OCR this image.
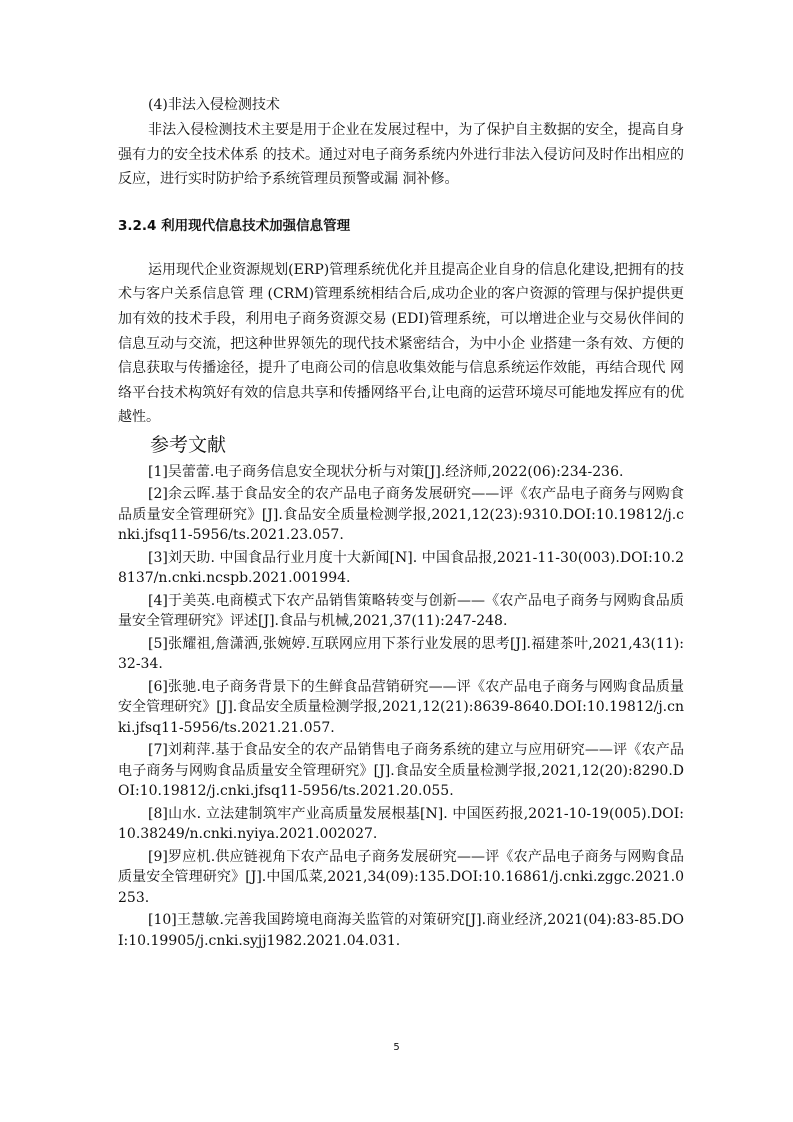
(4)非法入侵检测技术

非法入侵检测技术主要是用于企业在发展过程中，为了保护自主数据的安全，提高自身强有力的安全技术体系 的技术。通过对电子商务系统内外进行非法入侵访问及时作出相应的反应，进行实时防护给予系统管理员预警或漏 洞补修。

3.2.4 利用现代信息技术加强信息管理

运用现代企业资源规划(ERP)管理系统优化并且提高企业自身的信息化建设,把拥有的技术与客户关系信息管 理 (CRM)管理系统相结合后,成功企业的客户资源的管理与保护提供更加有效的技术手段，利用电子商务资源交易 (EDI)管理系统，可以增进企业与交易伙伴间的信息互动与交流，把这种世界领先的现代技术紧密结合，为中小企 业搭建一条有效、方便的信息获取与传播途径，提升了电商公司的信息收集效能与信息系统运作效能，再结合现代 网络平台技术构筑好有效的信息共享和传播网络平台,让电商的运营环境尽可能地发挥应有的优越性。

参考文献

[1]吴蕾蕾.电子商务信息安全现状分析与对策[J].经济师,2022(06):234-236.

[2]余云晖.基于食品安全的农产品电子商务发展研究——评《农产品电子商务与网购食品质量安全管理研究》[J].食品安全质量检测学报,2021,12(23):9310.DOI:10.19812/j.cnki.jfsq11-5956/ts.2021.23.057.

[3]刘天助. 中国食品行业月度十大新闻[N]. 中国食品报,2021-11-30(003).DOI:10.28137/n.cnki.ncspb.2021.001994.

[4]于美英.电商模式下农产品销售策略转变与创新——《农产品电子商务与网购食品质量安全管理研究》评述[J].食品与机械,2021,37(11):247-248.

[5]张耀祖,詹潇洒,张婉婷.互联网应用下茶行业发展的思考[J].福建茶叶,2021,43(11):32-34.

[6]张驰.电子商务背景下的生鲜食品营销研究——评《农产品电子商务与网购食品质量安全管理研究》[J].食品安全质量检测学报,2021,12(21):8639-8640.DOI:10.19812/j.cnki.jfsq11-5956/ts.2021.21.057.

[7]刘莉萍.基于食品安全的农产品销售电子商务系统的建立与应用研究——评《农产品电子商务与网购食品质量安全管理研究》[J].食品安全质量检测学报,2021,12(20):8290.DOI:10.19812/j.cnki.jfsq11-5956/ts.2021.20.055.

[8]山水. 立法建制筑牢产业高质量发展根基[N]. 中国医药报,2021-10-19(005).DOI:10.38249/n.cnki.nyiya.2021.002027.

[9]罗应机.供应链视角下农产品电子商务发展研究——评《农产品电子商务与网购食品质量安全管理研究》[J].中国瓜菜,2021,34(09):135.DOI:10.16861/j.cnki.zggc.2021.0253.

[10]王慧敏.完善我国跨境电商海关监管的对策研究[J].商业经济,2021(04):83-85.DOI:10.19905/j.cnki.syjj1982.2021.04.031.

5
